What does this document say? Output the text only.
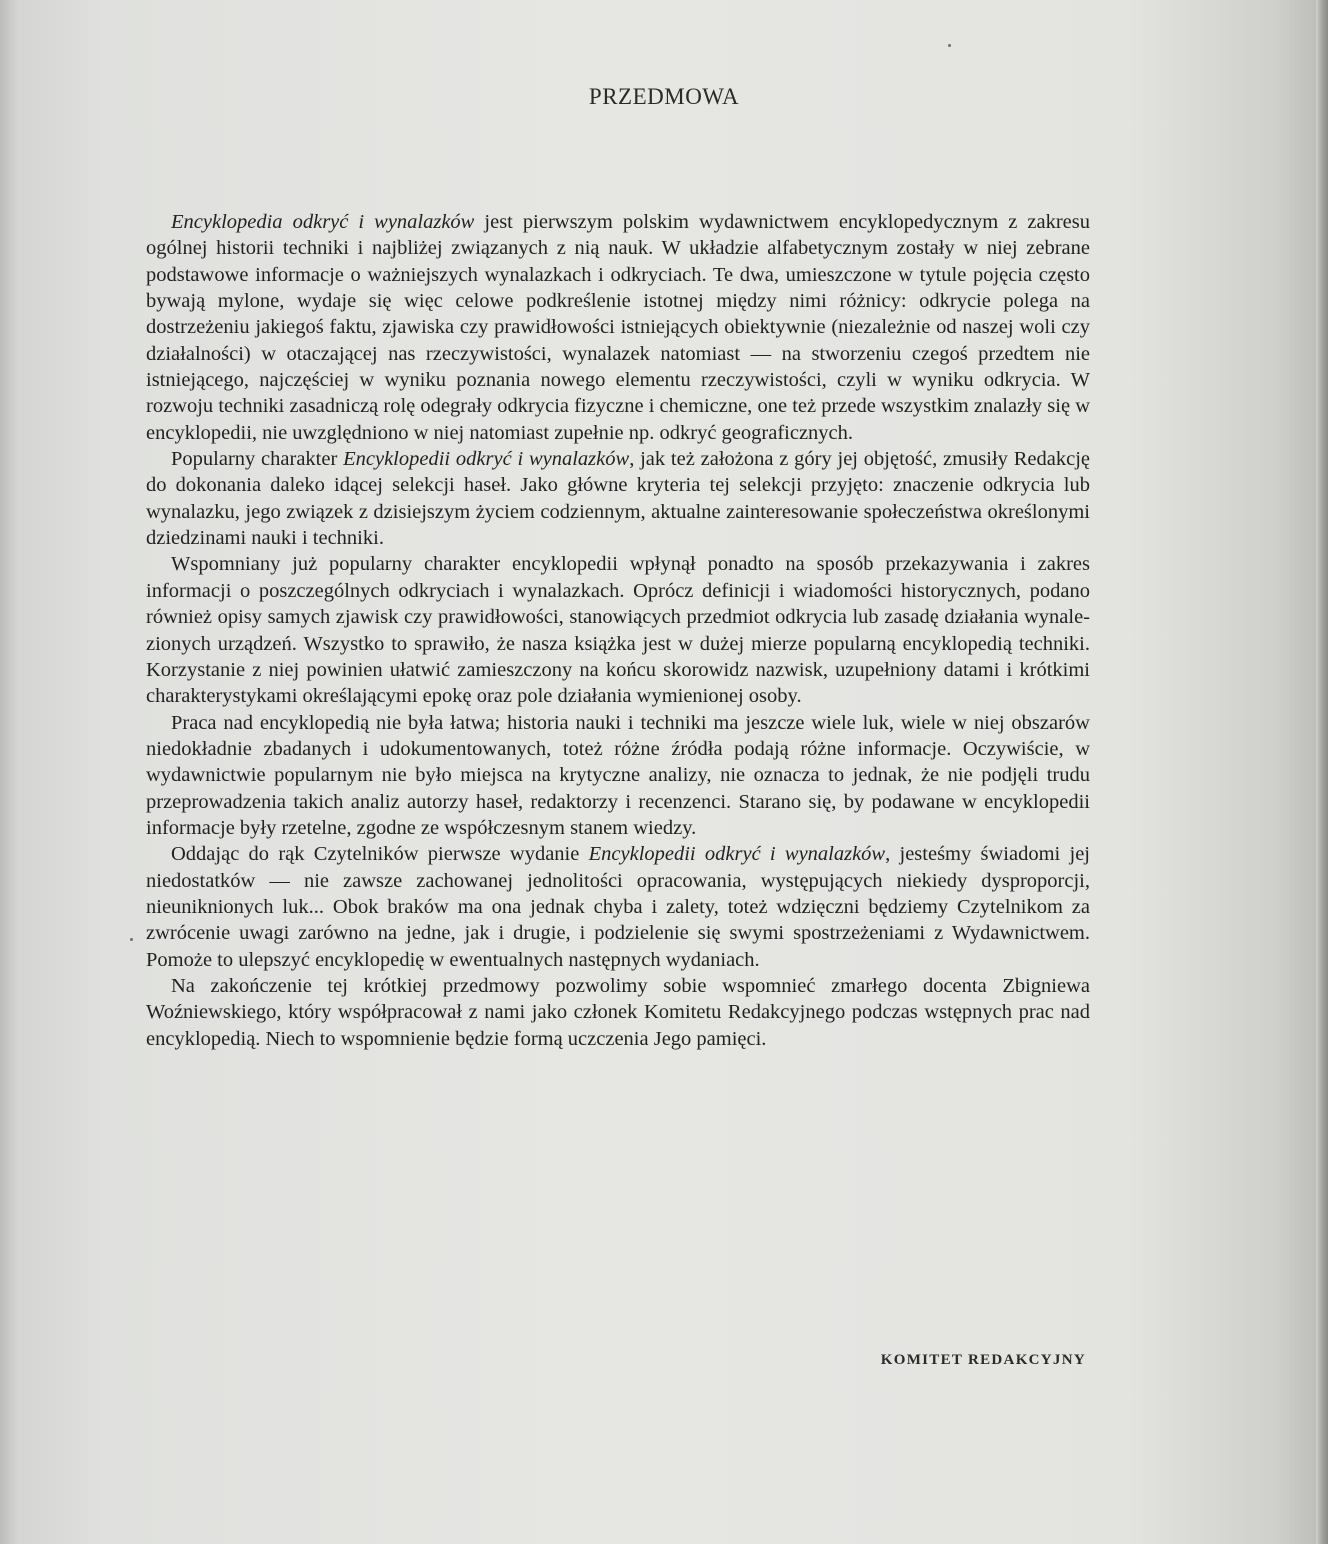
PRZEDMOWA

Encyklopedia odkryć i wynalazków jest pierwszym polskim wydawnictwem encyklopedycznym z zakresu ogólnej historii techniki i najbliżej związanych z nią nauk. W układzie alfabetycznym zostały w niej zebrane podstawowe informacje o ważniejszych wynalazkach i odkryciach. Te dwa, umieszczone w tytule pojęcia często bywają mylone, wydaje się więc celowe podkreślenie istotnej między nimi różnicy: odkrycie polega na dostrzeżeniu jakiegoś faktu, zjawiska czy prawidłowości istniejących obiektywnie (niezależnie od naszej woli czy działalności) w otaczającej nas rzeczywistości, wynalazek natomiast — na stworzeniu czegoś przedtem nie istniejącego, najczęściej w wyniku poznania nowego elementu rzeczywistości, czyli w wyniku odkrycia. W rozwoju techniki zasadniczą rolę odegrały odkrycia fizyczne i chemiczne, one też przede wszystkim znalazły się w encyklopedii, nie uwzględniono w niej natomiast zupełnie np. odkryć geograficznych.

Popularny charakter Encyklopedii odkryć i wynalazków, jak też założona z góry jej objętość, zmusiły Redakcję do dokonania daleko idącej selekcji haseł. Jako główne kryteria tej selekcji przyjęto: znaczenie odkrycia lub wynalazku, jego związek z dzisiejszym życiem codziennym, aktualne zainteresowanie społeczeństwa określonymi dziedzinami nauki i techniki.

Wspomniany już popularny charakter encyklopedii wpłynął ponadto na sposób przekazywania i zakres informacji o poszczególnych odkryciach i wynalazkach. Oprócz definicji i wiadomości historycznych, podano również opisy samych zjawisk czy prawidłowości, stanowiących przedmiot odkrycia lub zasadę działania wynalezionych urządzeń. Wszystko to sprawiło, że nasza książka jest w dużej mierze popularną encyklopedią techniki. Korzystanie z niej powinien ułatwić zamieszczony na końcu skorowidz nazwisk, uzupełniony datami i krótkimi charakterystykami określającymi epokę oraz pole działania wymienionej osoby.

Praca nad encyklopedią nie była łatwa; historia nauki i techniki ma jeszcze wiele luk, wiele w niej obszarów niedokładnie zbadanych i udokumentowanych, toteż różne źródła podają różne informacje. Oczywiście, w wydawnictwie popularnym nie było miejsca na krytyczne analizy, nie oznacza to jednak, że nie podjęli trudu przeprowadzenia takich analiz autorzy haseł, redaktorzy i recenzenci. Starano się, by podawane w encyklopedii informacje były rzetelne, zgodne ze współczesnym stanem wiedzy.

Oddając do rąk Czytelników pierwsze wydanie Encyklopedii odkryć i wynalazków, jesteśmy świadomi jej niedostatków — nie zawsze zachowanej jednolitości opracowania, występujących niekiedy dysproporcji, nieuniknionych luk... Obok braków ma ona jednak chyba i zalety, toteż wdzięczni będziemy Czytelnikom za zwrócenie uwagi zarówno na jedne, jak i drugie, i podzielenie się swymi spostrzeżeniami z Wydawnictwem. Pomoże to ulepszyć encyklopedię w ewentualnych następnych wydaniach.

Na zakończenie tej krótkiej przedmowy pozwolimy sobie wspomnieć zmarłego docenta Zbigniewa Woźniewskiego, który współpracował z nami jako członek Komitetu Redakcyjnego podczas wstępnych prac nad encyklopedią. Niech to wspomnienie będzie formą uczczenia Jego pamięci.

KOMITET REDAKCYJNY
